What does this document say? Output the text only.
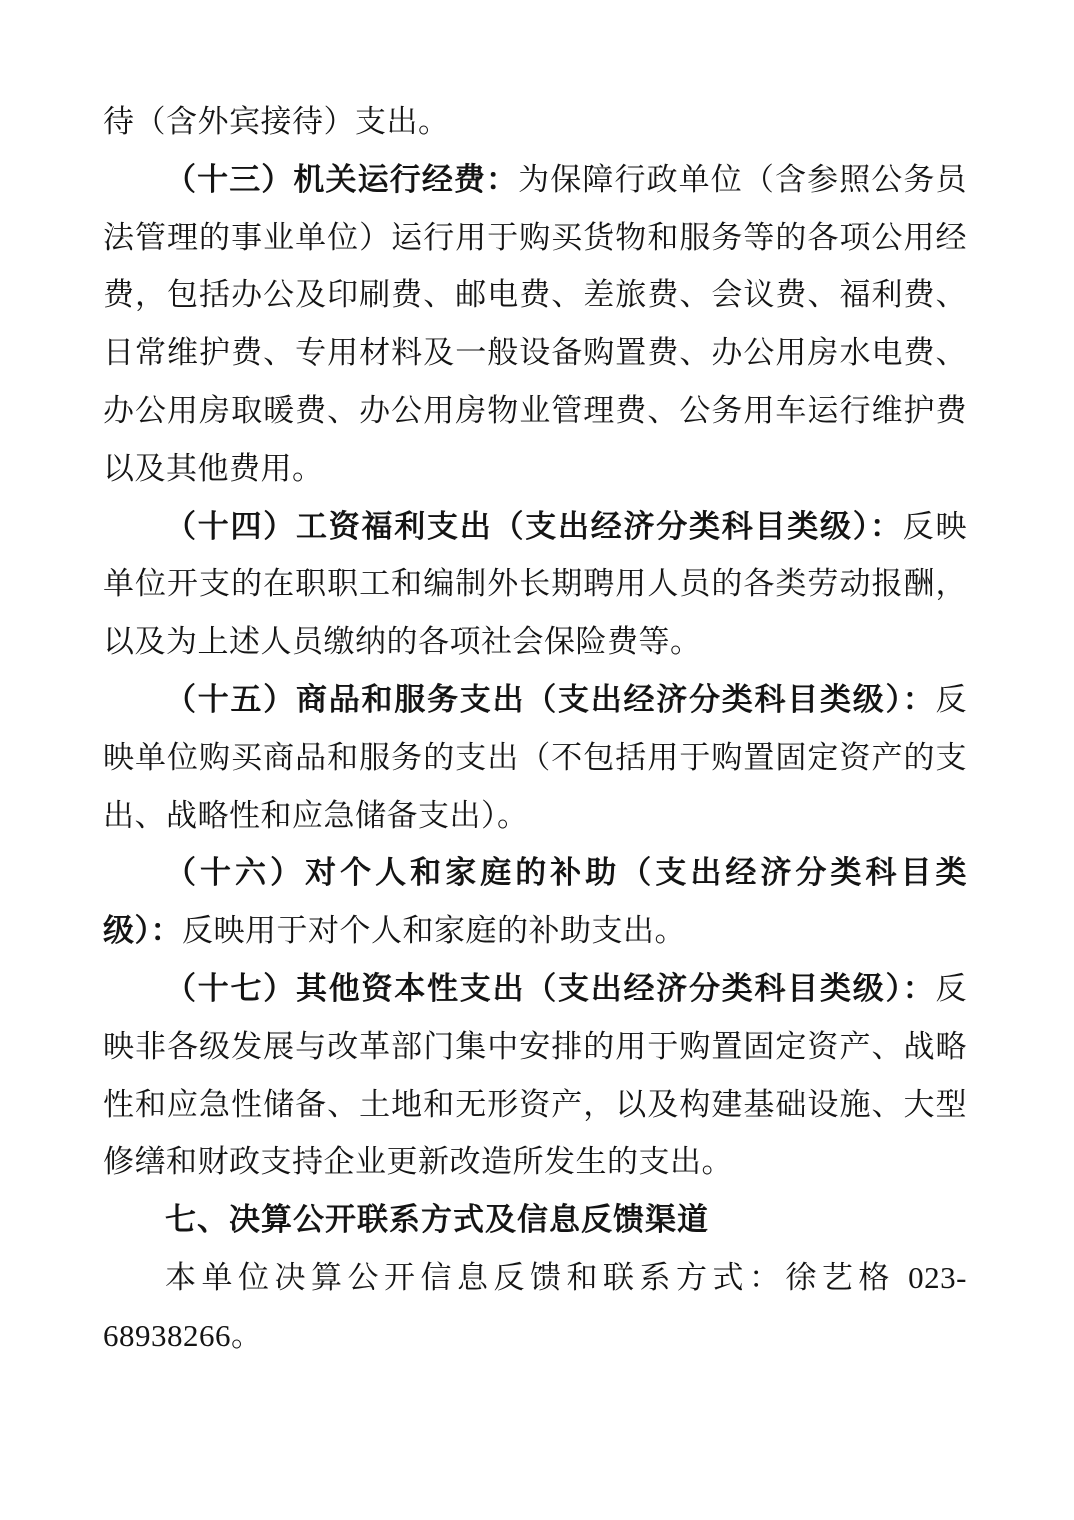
待（含外宾接待）支出。

（十三）机关运行经费：为保障行政单位（含参照公务员法管理的事业单位）运行用于购买货物和服务等的各项公用经费，包括办公及印刷费、邮电费、差旅费、会议费、福利费、日常维护费、专用材料及一般设备购置费、办公用房水电费、办公用房取暖费、办公用房物业管理费、公务用车运行维护费以及其他费用。

（十四）工资福利支出（支出经济分类科目类级）：反映单位开支的在职职工和编制外长期聘用人员的各类劳动报酬，以及为上述人员缴纳的各项社会保险费等。

（十五）商品和服务支出（支出经济分类科目类级）：反映单位购买商品和服务的支出（不包括用于购置固定资产的支出、战略性和应急储备支出）。

（十六）对个人和家庭的补助（支出经济分类科目类级）：反映用于对个人和家庭的补助支出。

（十七）其他资本性支出（支出经济分类科目类级）：反映非各级发展与改革部门集中安排的用于购置固定资产、战略性和应急性储备、土地和无形资产，以及构建基础设施、大型修缮和财政支持企业更新改造所发生的支出。

七、决算公开联系方式及信息反馈渠道

本单位决算公开信息反馈和联系方式：徐艺格 023-68938266。
